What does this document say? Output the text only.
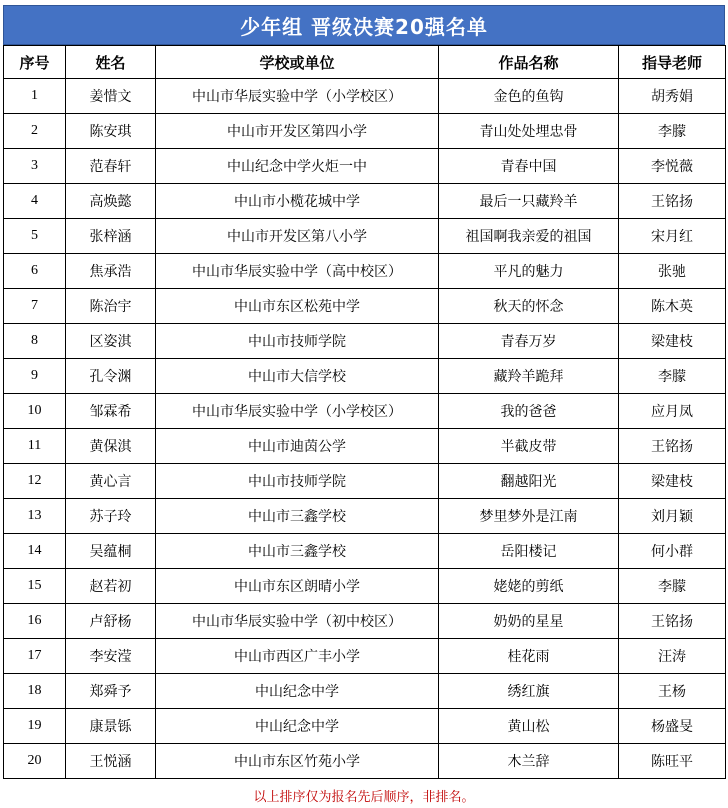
少年组 晋级决赛20强名单
序号	姓名	学校或单位	作品名称	指导老师
1	姜惜文	中山市华辰实验中学（小学校区）	金色的鱼钩	胡秀娟
2	陈安琪	中山市开发区第四小学	青山处处埋忠骨	李朦
3	范春轩	中山纪念中学火炬一中	青春中国	李悦薇
4	高焕懿	中山市小榄花城中学	最后一只藏羚羊	王铭扬
5	张梓涵	中山市开发区第八小学	祖国啊我亲爱的祖国	宋月红
6	焦承浩	中山市华辰实验中学（高中校区）	平凡的魅力	张驰
7	陈治宇	中山市东区松苑中学	秋天的怀念	陈木英
8	区姿淇	中山市技师学院	青春万岁	梁建枝
9	孔令渊	中山市大信学校	藏羚羊跪拜	李朦
10	邹霖希	中山市华辰实验中学（小学校区）	我的爸爸	应月凤
11	黄保淇	中山市迪茵公学	半截皮带	王铭扬
12	黄心言	中山市技师学院	翻越阳光	梁建枝
13	苏子玲	中山市三鑫学校	梦里梦外是江南	刘月颖
14	吴蕴桐	中山市三鑫学校	岳阳楼记	何小群
15	赵若初	中山市东区朗晴小学	姥姥的剪纸	李朦
16	卢舒杨	中山市华辰实验中学（初中校区）	奶奶的星星	王铭扬
17	李安滢	中山市西区广丰小学	桂花雨	汪涛
18	郑舜予	中山纪念中学	绣红旗	王杨
19	康景铄	中山纪念中学	黄山松	杨盛旻
20	王悦涵	中山市东区竹苑小学	木兰辞	陈旺平
以上排序仅为报名先后顺序，非排名。
